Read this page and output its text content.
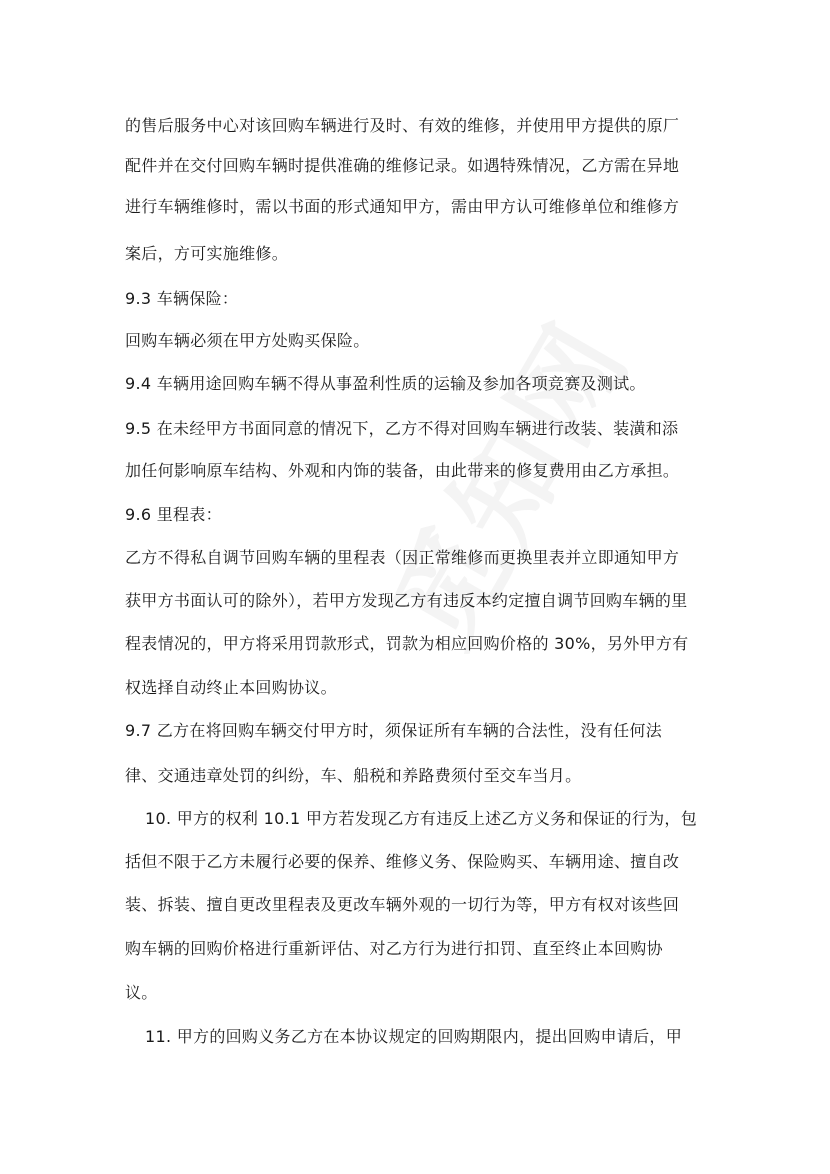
的售后服务中心对该回购车辆进行及时、有效的维修，并使用甲方提供的原厂
配件并在交付回购车辆时提供准确的维修记录。如遇特殊情况，乙方需在异地
进行车辆维修时，需以书面的形式通知甲方，需由甲方认可维修单位和维修方
案后，方可实施维修。
9.3 车辆保险：
回购车辆必须在甲方处购买保险。
9.4 车辆用途回购车辆不得从事盈利性质的运输及参加各项竞赛及测试。
9.5 在未经甲方书面同意的情况下，乙方不得对回购车辆进行改装、装潢和添
加任何影响原车结构、外观和内饰的装备，由此带来的修复费用由乙方承担。
9.6 里程表：
乙方不得私自调节回购车辆的里程表（因正常维修而更换里表并立即通知甲方
获甲方书面认可的除外），若甲方发现乙方有违反本约定擅自调节回购车辆的里
程表情况的，甲方将采用罚款形式，罚款为相应回购价格的 30%，另外甲方有
权选择自动终止本回购协议。
9.7 乙方在将回购车辆交付甲方时，须保证所有车辆的合法性，没有任何法
律、交通违章处罚的纠纷，车、船税和养路费须付至交车当月。
10. 甲方的权利 10.1 甲方若发现乙方有违反上述乙方义务和保证的行为，包
括但不限于乙方未履行必要的保养、维修义务、保险购买、车辆用途、擅自改
装、拆装、擅自更改里程表及更改车辆外观的一切行为等，甲方有权对该些回
购车辆的回购价格进行重新评估、对乙方行为进行扣罚、直至终止本回购协
议。
11. 甲方的回购义务乙方在本协议规定的回购期限内，提出回购申请后，甲
